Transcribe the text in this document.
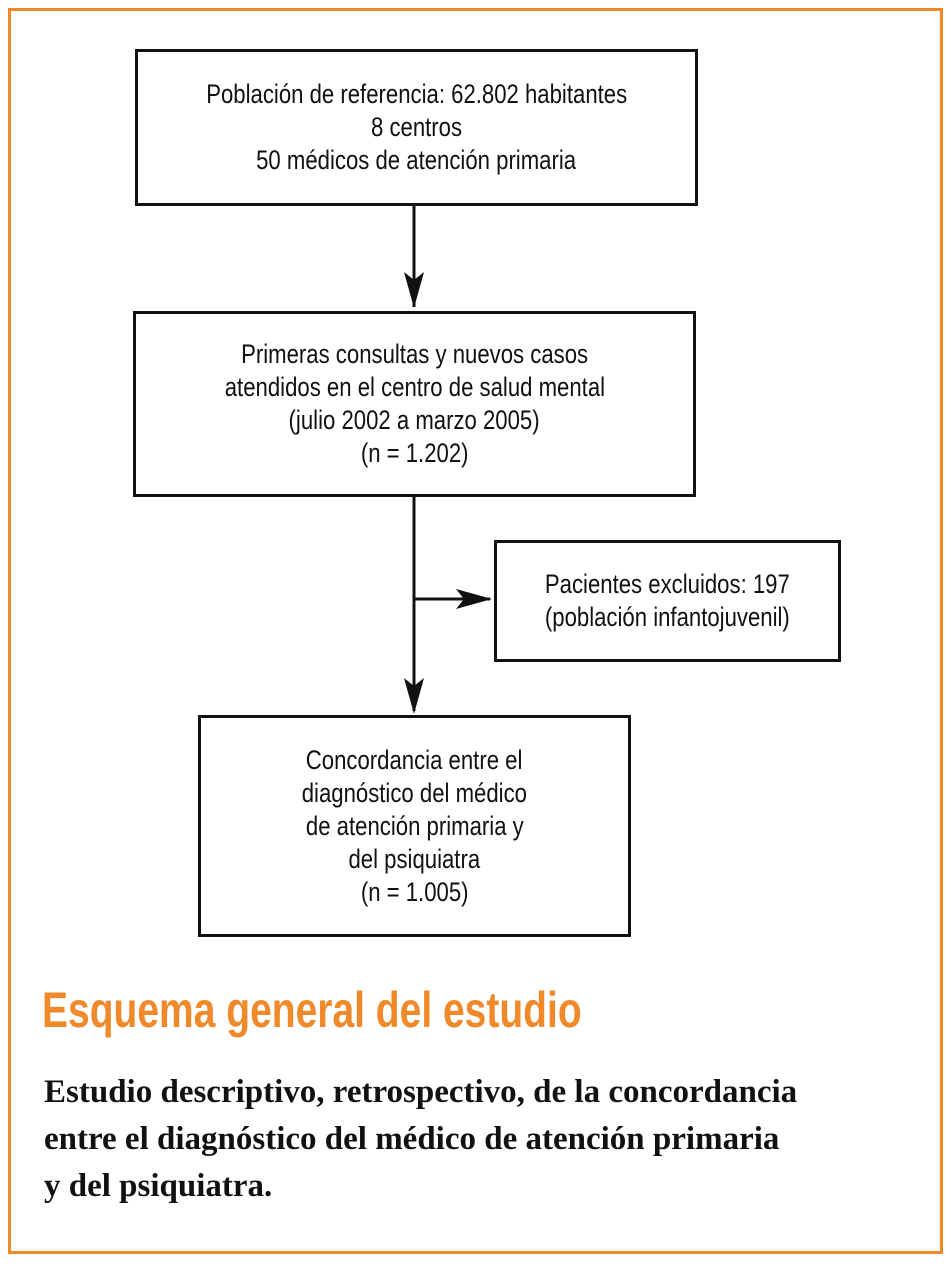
Población de referencia: 62.802 habitantes
8 centros
50 médicos de atención primaria
Primeras consultas y nuevos casos
atendidos en el centro de salud mental
(julio 2002 a marzo 2005)
(n = 1.202)
Pacientes excluidos: 197
(población infantojuvenil)
Concordancia entre el
diagnóstico del médico
de atención primaria y
del psiquiatra
(n = 1.005)
Esquema general del estudio

Estudio descriptivo, retrospectivo, de la concordancia
entre el diagnóstico del médico de atención primaria
y del psiquiatra.
